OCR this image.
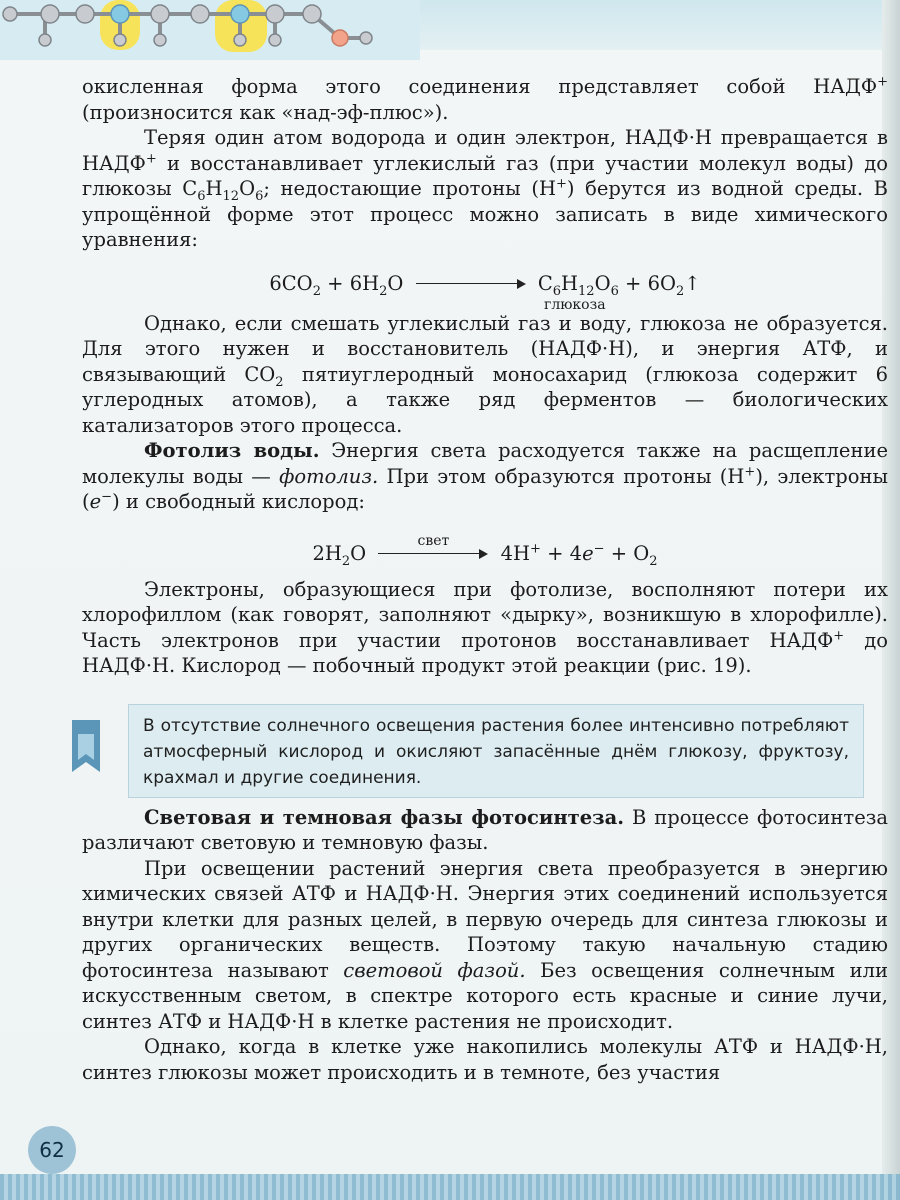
окисленная форма этого соединения представляет собой НАДФ+ (произносится как «над-эф-плюс»).

Теряя один атом водорода и один электрон, НАДФ·Н превращается в НАДФ+ и восстанавливает углекислый газ (при участии молекул воды) до глюкозы $C_6H_{12}O_6$; недостающие протоны (H+) берутся из водной среды. В упрощённой форме этот процесс можно записать в виде химического уравнения:

$6CO_2 + 6H_2O$	$C_6H_{12}O_6$ + $6O_2↑$
глюкоза

Однако, если смешать углекислый газ и воду, глюкоза не образуется. Для этого нужен и восстановитель (НАДФ·Н), и энергия АТФ, и связывающий $CO_2$ пятиуглеродный моносахарид (глюкоза содержит 6 углеродных атомов), а также ряд ферментов — биологических катализаторов этого процесса.

Фотолиз воды. Энергия света расходуется также на расщепление молекулы воды — фотолиз. При этом образуются протоны (H+), электроны (e−) и свободный кислород:

$2H_2O$
свет
$4H^+ + 4e^- + O_2$

Электроны, образующиеся при фотолизе, восполняют потери их хлорофиллом (как говорят, заполняют «дырку», возникшую в хлорофилле). Часть электронов при участии протонов восстанавливает НАДФ+ до НАДФ·Н. Кислород — побочный продукт этой реакции (рис. 19).

Световая и темновая фазы фотосинтеза. В процессе фотосинтеза различают световую и темновую фазы.

При освещении растений энергия света преобразуется в энергию химических связей АТФ и НАДФ·Н. Энергия этих соединений используется внутри клетки для разных целей, в первую очередь для синтеза глюкозы и других органических веществ. Поэтому такую начальную стадию фотосинтеза называют световой фазой. Без освещения солнечным или искусственным светом, в спектре которого есть красные и синие лучи, синтез АТФ и НАДФ·Н в клетке растения не происходит.

Однако, когда в клетке уже накопились молекулы АТФ и НАДФ·Н, синтез глюкозы может происходить и в темноте, без участия

В отсутствие солнечного освещения растения более интенсивно потребляют атмосферный кислород и окисляют запасённые днём глюкозу, фруктозу, крахмал и другие соединения.
62
